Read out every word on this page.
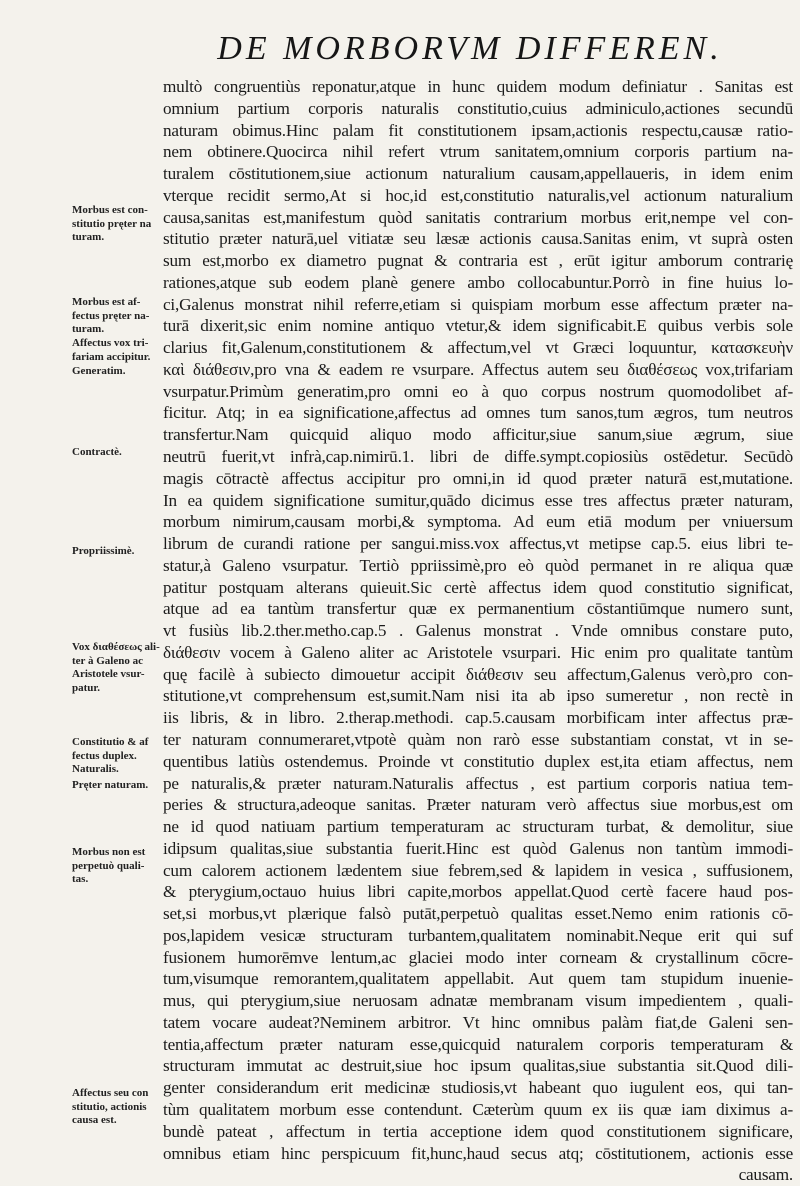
DE MORBORVM DIFFEREN.
multò congruentiùs reponatur,atque in hunc quidem modum definiatur . Sanitas est
omnium partium corporis naturalis constitutio,cuius adminiculo,actiones secundū
naturam obimus.Hinc palam fit constitutionem ipsam,actionis respectu,causæ ratio-
nem obtinere.Quocirca nihil refert vtrum sanitatem,omnium corporis partium na-
turalem cōstitutionem,siue actionum naturalium causam,appellaueris, in idem enim
vterque recidit sermo,At si hoc,id est,constitutio naturalis,vel actionum naturalium
causa,sanitas est,manifestum quòd sanitatis contrarium morbus erit,nempe vel con-
stitutio præter naturā,uel vitiatæ seu læsæ actionis causa.Sanitas enim, vt suprà osten
sum est,morbo ex diametro pugnat & contraria est , erūt igitur amborum contrarię
rationes,atque sub eodem planè genere ambo collocabuntur.Porrò in fine huius lo-
ci,Galenus monstrat nihil referre,etiam si quispiam morbum esse affectum præter na-
turā dixerit,sic enim nomine antiquo vtetur,& idem significabit.E quibus verbis sole
clarius fit,Galenum,constitutionem & affectum,vel vt Græci loquuntur, κατασκευὴν
καὶ διάθεσιν,pro vna & eadem re vsurpare. Affectus autem seu διαθέσεως vox,trifariam
vsurpatur.Primùm generatim,pro omni eo à quo corpus nostrum quomodolibet af-
ficitur. Atq; in ea significatione,affectus ad omnes tum sanos,tum ægros, tum neutros
transfertur.Nam quicquid aliquo modo afficitur,siue sanum,siue ægrum, siue
neutrū fuerit,vt infrà,cap.nimirū.1. libri de diffe.sympt.copiosiùs ostēdetur. Secūdò
magis cōtractè affectus accipitur pro omni,in id quod præter naturā est,mutatione.
In ea quidem significatione sumitur,quādo dicimus esse tres affectus præter naturam,
morbum nimirum,causam morbi,& symptoma. Ad eum etiā modum per vniuersum
librum de curandi ratione per sangui.miss.vox affectus,vt metipse cap.5. eius libri te-
statur,à Galeno vsurpatur. Tertiò ppriissimè,pro eò quòd permanet in re aliqua quæ
patitur postquam alterans quieuit.Sic certè affectus idem quod constitutio significat,
atque ad ea tantùm transfertur quæ ex permanentium cōstantiūmque numero sunt,
vt fusiùs lib.2.ther.metho.cap.5 . Galenus monstrat . Vnde omnibus constare puto,
διάθεσιν vocem à Galeno aliter ac Aristotele vsurpari. Hic enim pro qualitate tantùm
quę facilè à subiecto dimouetur accipit διάθεσιν seu affectum,Galenus verò,pro con-
stitutione,vt comprehensum est,sumit.Nam nisi ita ab ipso sumeretur , non rectè in
iis libris, & in libro. 2.therap.methodi. cap.5.causam morbificam inter affectus præ-
ter naturam connumeraret,vtpotè quàm non rarò esse substantiam constat, vt in se-
quentibus latiùs ostendemus. Proinde vt constitutio duplex est,ita etiam affectus, nem
pe naturalis,& præter naturam.Naturalis affectus , est partium corporis natiua tem-
peries & structura,adeoque sanitas. Præter naturam verò affectus siue morbus,est om
ne id quod natiuam partium temperaturam ac structuram turbat, & demolitur, siue
idipsum qualitas,siue substantia fuerit.Hinc est quòd Galenus non tantùm immodi-
cum calorem actionem lædentem siue febrem,sed & lapidem in vesica , suffusionem,
& pterygium,octauo huius libri capite,morbos appellat.Quod certè facere haud pos-
set,si morbus,vt plærique falsò putāt,perpetuò qualitas esset.Nemo enim rationis cō-
pos,lapidem vesicæ structuram turbantem,qualitatem nominabit.Neque erit qui suf
fusionem humorēmve lentum,ac glaciei modo inter corneam & crystallinum cōcre-
tum,visumque remorantem,qualitatem appellabit. Aut quem tam stupidum inuenie-
mus, qui pterygium,siue neruosam adnatæ membranam visum impedientem , quali-
tatem vocare audeat?Neminem arbitror. Vt hinc omnibus palàm fiat,de Galeni sen-
tentia,affectum præter naturam esse,quicquid naturalem corporis temperaturam &
structuram immutat ac destruit,siue hoc ipsum qualitas,siue substantia sit.Quod dili-
genter considerandum erit medicinæ studiosis,vt habeant quo iugulent eos, qui tan-
tùm qualitatem morbum esse contendunt. Cæterùm quum ex iis quæ iam diximus a-
bundè pateat , affectum in tertia acceptione idem quod constitutionem significare,
omnibus etiam hinc perspicuum fit,hunc,haud secus atq; cōstitutionem, actionis esse
causam.
Morbus est con-
stitutio pręter na
turam.
Morbus est af-
fectus pręter na-
turam.
Affectus vox tri-
fariam accipitur.
Generatim.
Contractè.
Propriissimè.
Vox διαθέσεως ali-
ter à Galeno ac
Aristotele vsur-
patur.
Constitutio & af
fectus duplex.
Naturalis.
Pręter naturam.
Morbus non est
perpetuò quali-
tas.
Affectus seu con
stitutio, actionis
causa est.
